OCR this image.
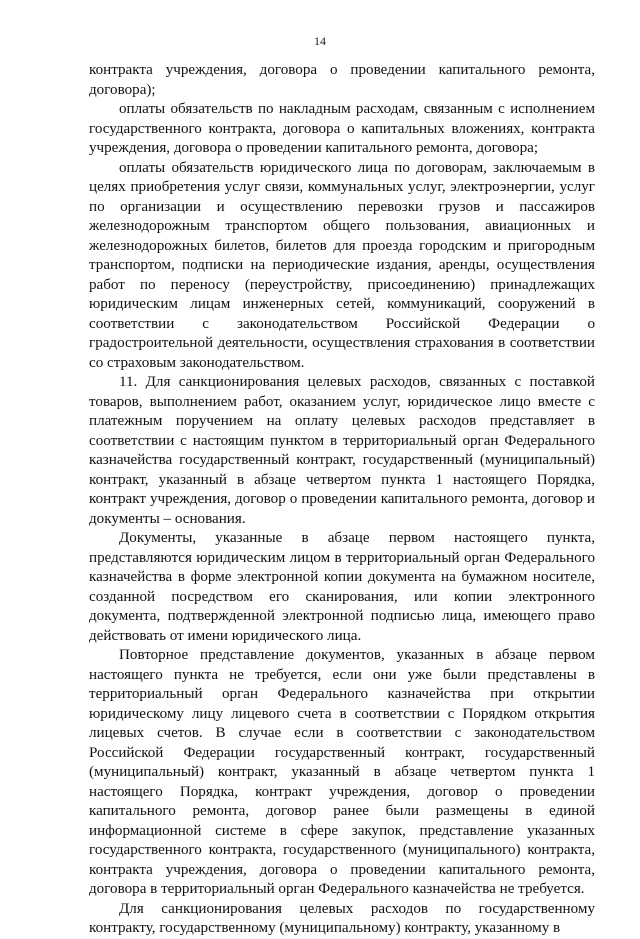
14

контракта учреждения, договора о проведении капитального ремонта, договора);

оплаты обязательств по накладным расходам, связанным с исполнением государственного контракта, договора о капитальных вложениях, контракта учреждения, договора о проведении капитального ремонта, договора;

оплаты обязательств юридического лица по договорам, заключаемым в целях приобретения услуг связи, коммунальных услуг, электроэнергии, услуг по организации и осуществлению перевозки грузов и пассажиров железнодорожным транспортом общего пользования, авиационных и железнодорожных билетов, билетов для проезда городским и пригородным транспортом, подписки на периодические издания, аренды, осуществления работ по переносу (переустройству, присоединению) принадлежащих юридическим лицам инженерных сетей, коммуникаций, сооружений в соответствии с законодательством Российской Федерации о градостроительной деятельности, осуществления страхования в соответствии со страховым законодательством.

11. Для санкционирования целевых расходов, связанных с поставкой товаров, выполнением работ, оказанием услуг, юридическое лицо вместе с платежным поручением на оплату целевых расходов представляет в соответствии с настоящим пунктом в территориальный орган Федерального казначейства государственный контракт, государственный (муниципальный) контракт, указанный в абзаце четвертом пункта 1 настоящего Порядка, контракт учреждения, договор о проведении капитального ремонта, договор и документы – основания.

Документы, указанные в абзаце первом настоящего пункта, представляются юридическим лицом в территориальный орган Федерального казначейства в форме электронной копии документа на бумажном носителе, созданной посредством его сканирования, или копии электронного документа, подтвержденной электронной подписью лица, имеющего право действовать от имени юридического лица.

Повторное представление документов, указанных в абзаце первом настоящего пункта не требуется, если они уже были представлены в территориальный орган Федерального казначейства при открытии юридическому лицу лицевого счета в соответствии с Порядком открытия лицевых счетов. В случае если в соответствии с законодательством Российской Федерации государственный контракт, государственный (муниципальный) контракт, указанный в абзаце четвертом пункта 1 настоящего Порядка, контракт учреждения, договор о проведении капитального ремонта, договор ранее были размещены в единой информационной системе в сфере закупок, представление указанных государственного контракта, государственного (муниципального) контракта, контракта учреждения, договора о проведении капитального ремонта, договора в территориальный орган Федерального казначейства не требуется.

Для санкционирования целевых расходов по государственному контракту, государственному (муниципальному) контракту, указанному в
